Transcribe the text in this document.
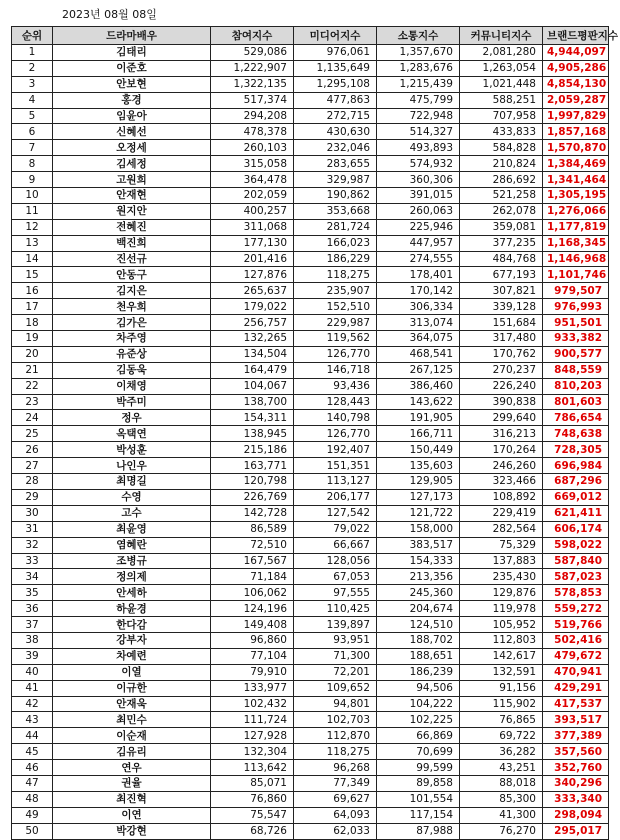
2023년 08월 08일
순위	드라마배우	참여지수	미디어지수	소통지수	커뮤니티지수	브랜드평판지수
1	김태리	529,086	976,061	1,357,670	2,081,280	4,944,097
2	이준호	1,222,907	1,135,649	1,283,676	1,263,054	4,905,286
3	안보현	1,322,135	1,295,108	1,215,439	1,021,448	4,854,130
4	홍경	517,374	477,863	475,799	588,251	2,059,287
5	임윤아	294,208	272,715	722,948	707,958	1,997,829
6	신혜선	478,378	430,630	514,327	433,833	1,857,168
7	오정세	260,103	232,046	493,893	584,828	1,570,870
8	김세정	315,058	283,655	574,932	210,824	1,384,469
9	고원희	364,478	329,987	360,306	286,692	1,341,464
10	안재현	202,059	190,862	391,015	521,258	1,305,195
11	원지안	400,257	353,668	260,063	262,078	1,276,066
12	전혜진	311,068	281,724	225,946	359,081	1,177,819
13	백진희	177,130	166,023	447,957	377,235	1,168,345
14	진선규	201,416	186,229	274,555	484,768	1,146,968
15	안동구	127,876	118,275	178,401	677,193	1,101,746
16	김지은	265,637	235,907	170,142	307,821	979,507
17	천우희	179,022	152,510	306,334	339,128	976,993
18	김가은	256,757	229,987	313,074	151,684	951,501
19	차주영	132,265	119,562	364,075	317,480	933,382
20	유준상	134,504	126,770	468,541	170,762	900,577
21	김동욱	164,479	146,718	267,125	270,237	848,559
22	이채영	104,067	93,436	386,460	226,240	810,203
23	박주미	138,700	128,443	143,622	390,838	801,603
24	정우	154,311	140,798	191,905	299,640	786,654
25	옥택연	138,945	126,770	166,711	316,213	748,638
26	박성훈	215,186	192,407	150,449	170,264	728,305
27	나인우	163,771	151,351	135,603	246,260	696,984
28	최명길	120,798	113,127	129,905	323,466	687,296
29	수영	226,769	206,177	127,173	108,892	669,012
30	고수	142,728	127,542	121,722	229,419	621,411
31	최윤영	86,589	79,022	158,000	282,564	606,174
32	염혜란	72,510	66,667	383,517	75,329	598,022
33	조병규	167,567	128,056	154,333	137,883	587,840
34	정의제	71,184	67,053	213,356	235,430	587,023
35	안세하	106,062	97,555	245,360	129,876	578,853
36	하윤경	124,196	110,425	204,674	119,978	559,272
37	한다감	149,408	139,897	124,510	105,952	519,766
38	강부자	96,860	93,951	188,702	112,803	502,416
39	차예련	77,104	71,300	188,651	142,617	479,672
40	이열	79,910	72,201	186,239	132,591	470,941
41	이규한	133,977	109,652	94,506	91,156	429,291
42	안재욱	102,432	94,801	104,222	115,902	417,537
43	최민수	111,724	102,703	102,225	76,865	393,517
44	이순재	127,928	112,870	66,869	69,722	377,389
45	김유리	132,304	118,275	70,699	36,282	357,560
46	연우	113,642	96,268	99,599	43,251	352,760
47	권율	85,071	77,349	89,858	88,018	340,296
48	최진혁	76,860	69,627	101,554	85,300	333,340
49	이연	75,547	64,093	117,154	41,300	298,094
50	박강현	68,726	62,033	87,988	76,270	295,017
